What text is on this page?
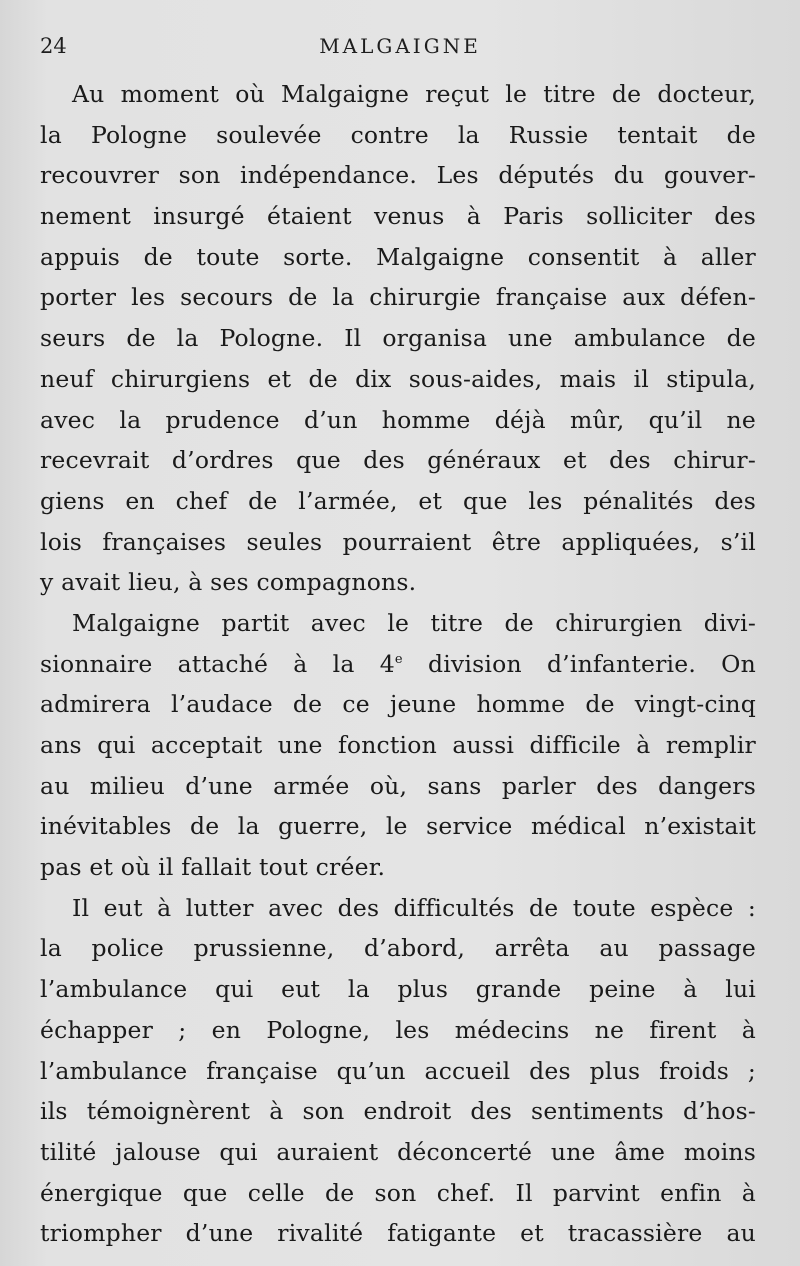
24	MALGAIGNE

Au moment où Malgaigne reçut le titre de docteur,
la Pologne soulevée contre la Russie tentait de
recouvrer son indépendance. Les députés du gouver-
nement insurgé étaient venus à Paris solliciter des
appuis de toute sorte. Malgaigne consentit à aller
porter les secours de la chirurgie française aux défen-
seurs de la Pologne. Il organisa une ambulance de
neuf chirurgiens et de dix sous-aides, mais il stipula,
avec la prudence d’un homme déjà mûr, qu’il ne
recevrait d’ordres que des généraux et des chirur-
giens en chef de l’armée, et que les pénalités des
lois françaises seules pourraient être appliquées, s’il
y avait lieu, à ses compagnons.

Malgaigne partit avec le titre de chirurgien divi-
sionnaire attaché à la 4e division d’infanterie. On
admirera l’audace de ce jeune homme de vingt-cinq
ans qui acceptait une fonction aussi difficile à remplir
au milieu d’une armée où, sans parler des dangers
inévitables de la guerre, le service médical n’existait
pas et où il fallait tout créer.

Il eut à lutter avec des difficultés de toute espèce :
la police prussienne, d’abord, arrêta au passage
l’ambulance qui eut la plus grande peine à lui
échapper ; en Pologne, les médecins ne firent à
l’ambulance française qu’un accueil des plus froids ;
ils témoignèrent à son endroit des sentiments d’hos-
tilité jalouse qui auraient déconcerté une âme moins
énergique que celle de son chef. Il parvint enfin à
triompher d’une rivalité fatigante et tracassière au
